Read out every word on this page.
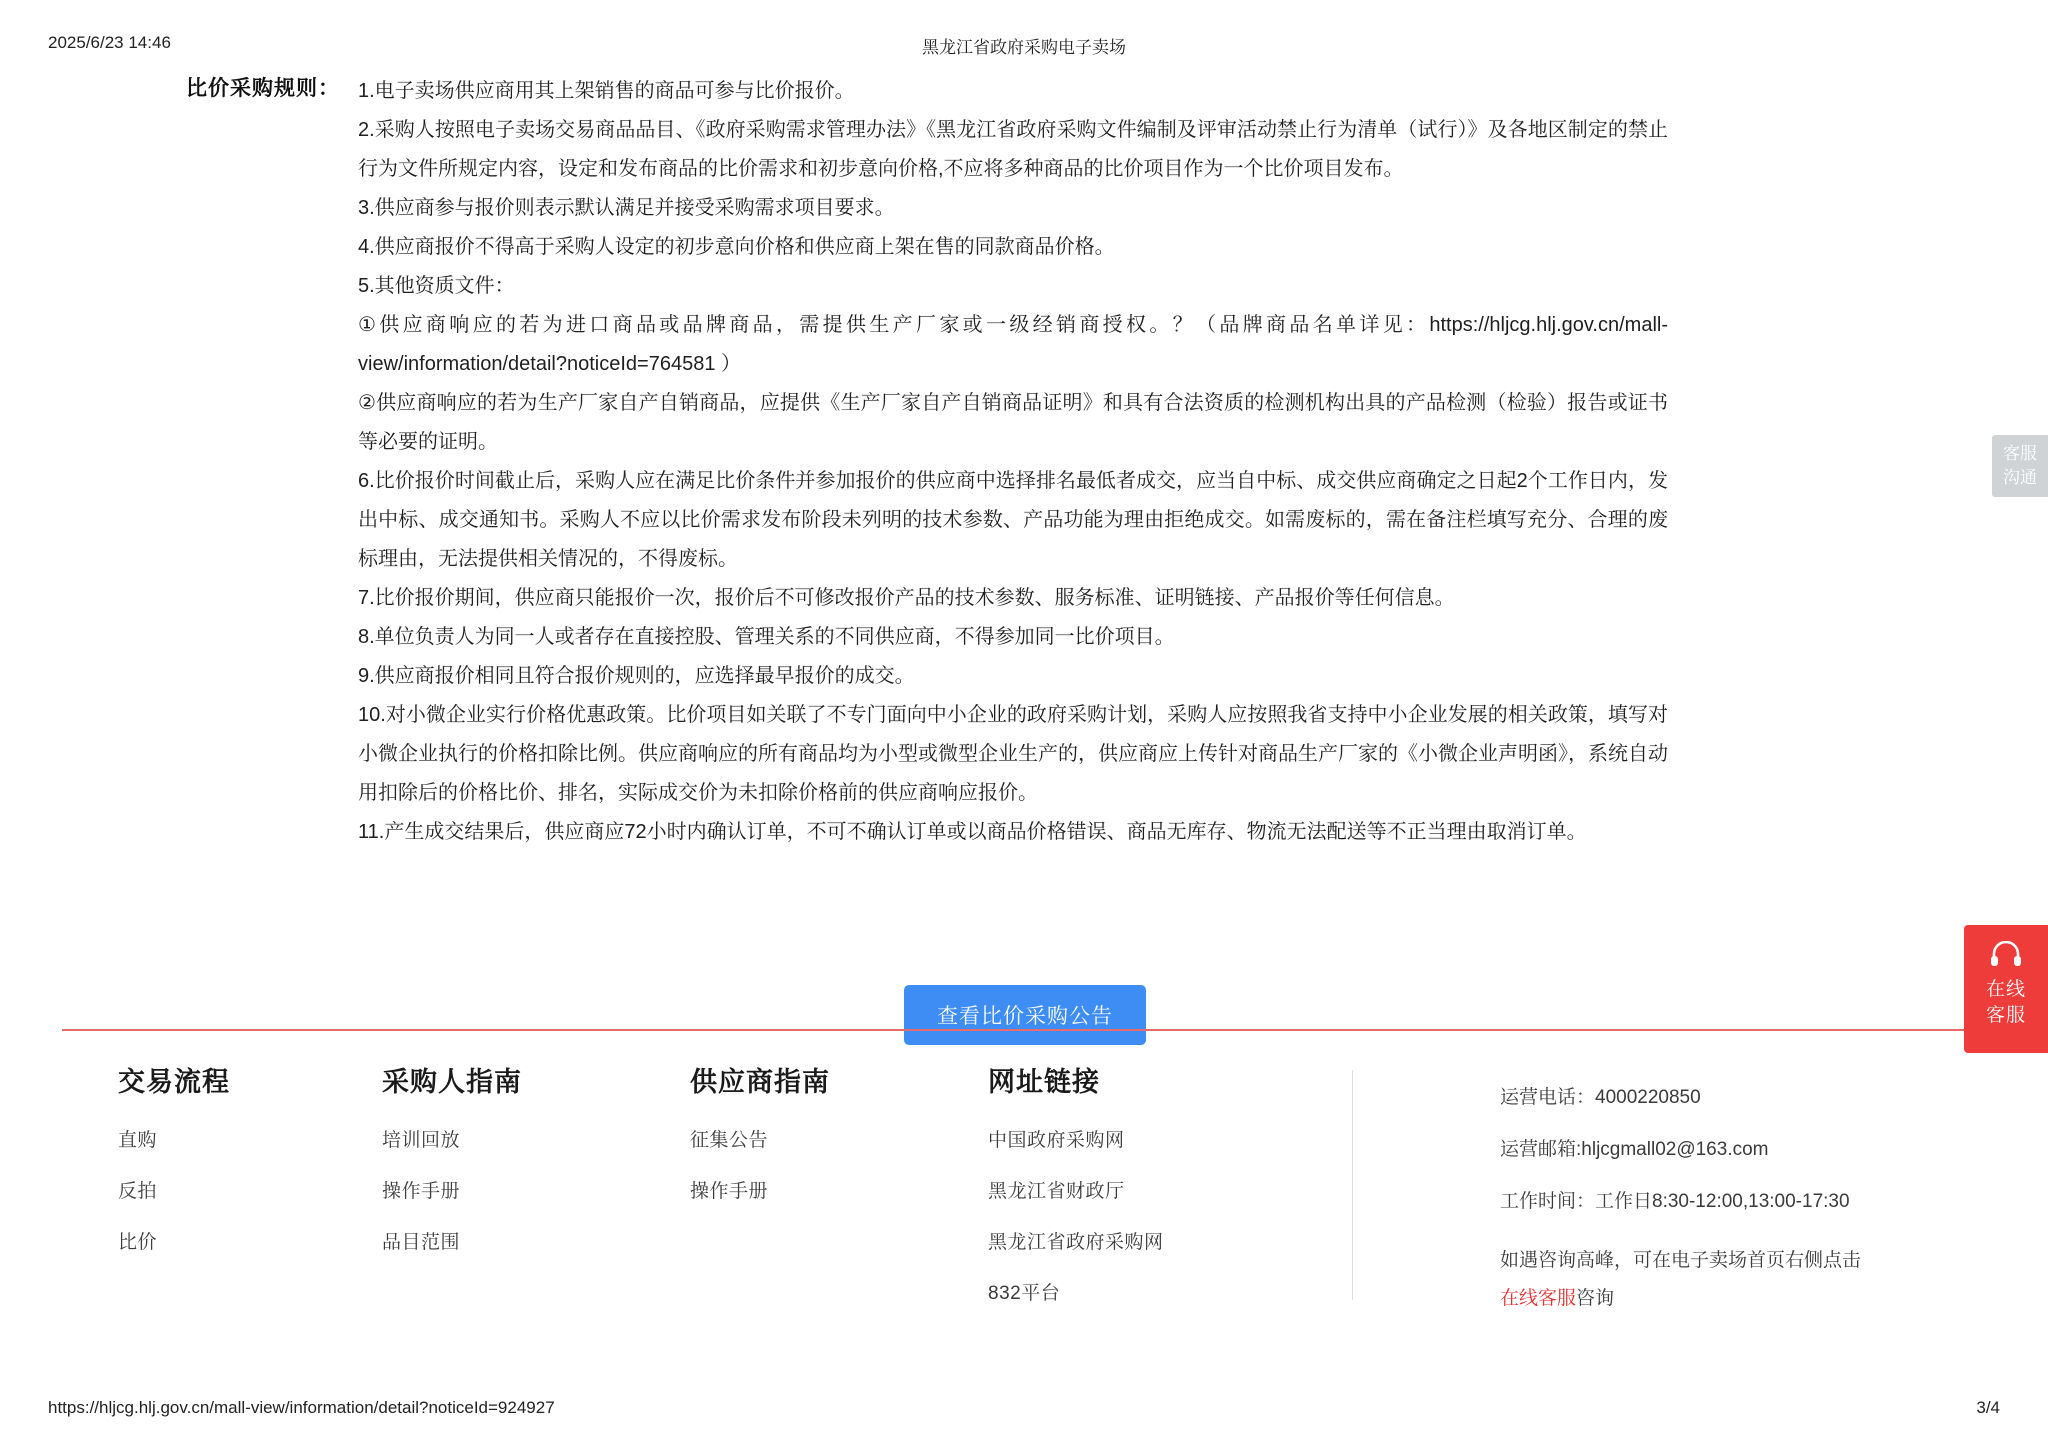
2025/6/23 14:46	黑龙江省政府采购电子卖场
比价采购规则： 1.电子卖场供应商用其上架销售的商品可参与比价报价。

2.采购人按照电子卖场交易商品品目、《政府采购需求管理办法》《黑龙江省政府采购文件编制及评审活动禁止行为清单（试行）》及各地区制定的禁止行为文件所规定内容，设定和发布商品的比价需求和初步意向价格,不应将多种商品的比价项目作为一个比价项目发布。

3.供应商参与报价则表示默认满足并接受采购需求项目要求。

4.供应商报价不得高于采购人设定的初步意向价格和供应商上架在售的同款商品价格。

5.其他资质文件：

①供应商响应的若为进口商品或品牌商品，需提供生产厂家或一级经销商授权。？（品牌商品名单详见：https://hljcg.hlj.gov.cn/mall-view/information/detail?noticeId=764581 ）

②供应商响应的若为生产厂家自产自销商品，应提供《生产厂家自产自销商品证明》和具有合法资质的检测机构出具的产品检测（检验）报告或证书等必要的证明。

6.比价报价时间截止后，采购人应在满足比价条件并参加报价的供应商中选择排名最低者成交，应当自中标、成交供应商确定之日起2个工作日内，发出中标、成交通知书。采购人不应以比价需求发布阶段未列明的技术参数、产品功能为理由拒绝成交。如需废标的，需在备注栏填写充分、合理的废标理由，无法提供相关情况的，不得废标。

7.比价报价期间，供应商只能报价一次，报价后不可修改报价产品的技术参数、服务标准、证明链接、产品报价等任何信息。

8.单位负责人为同一人或者存在直接控股、管理关系的不同供应商，不得参加同一比价项目。

9.供应商报价相同且符合报价规则的，应选择最早报价的成交。

10.对小微企业实行价格优惠政策。比价项目如关联了不专门面向中小企业的政府采购计划，采购人应按照我省支持中小企业发展的相关政策，填写对小微企业执行的价格扣除比例。供应商响应的所有商品均为小型或微型企业生产的，供应商应上传针对商品生产厂家的《小微企业声明函》，系统自动用扣除后的价格比价、排名，实际成交价为未扣除价格前的供应商响应报价。

11.产生成交结果后，供应商应72小时内确认订单，不可不确认订单或以商品价格错误、商品无库存、物流无法配送等不正当理由取消订单。

查看比价采购公告
交易流程
直购
反拍
比价
采购人指南
培训回放
操作手册
品目范围
供应商指南
征集公告
操作手册
网址链接
中国政府采购网
黑龙江省财政厅
黑龙江省政府采购网
832平台
运营电话：4000220850
运营邮箱:hljcgmall02@163.com
工作时间：工作日8:30-12:00,13:00-17:30
如遇咨询高峰，可在电子卖场首页右侧点击
在线客服咨询
客服
沟通
在线
客服
https://hljcg.hlj.gov.cn/mall-view/information/detail?noticeId=924927	3/4
